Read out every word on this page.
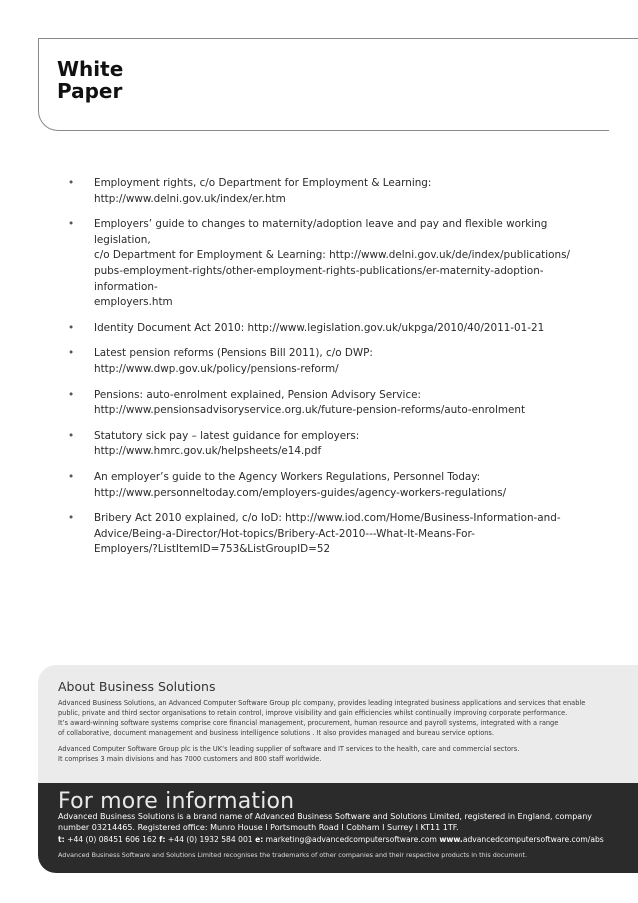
White
Paper
• Employment rights, c/o Department for Employment & Learning:
http://www.delni.gov.uk/index/er.htm
• Employers’ guide to changes to maternity/adoption leave and pay and flexible working legislation,
c/o Department for Employment & Learning: http://www.delni.gov.uk/de/index/publications/
pubs-employment-rights/other-employment-rights-publications/er-maternity-adoption-information-
employers.htm
• Identity Document Act 2010: http://www.legislation.gov.uk/ukpga/2010/40/2011-01-21
• Latest pension reforms (Pensions Bill 2011), c/o DWP:
http://www.dwp.gov.uk/policy/pensions-reform/
• Pensions: auto-enrolment explained, Pension Advisory Service:
http://www.pensionsadvisoryservice.org.uk/future-pension-reforms/auto-enrolment
• Statutory sick pay – latest guidance for employers: http://www.hmrc.gov.uk/helpsheets/e14.pdf
• An employer’s guide to the Agency Workers Regulations, Personnel Today:
http://www.personneltoday.com/employers-guides/agency-workers-regulations/
• Bribery Act 2010 explained, c/o IoD: http://www.iod.com/Home/Business-Information-and-
Advice/Being-a-Director/Hot-topics/Bribery-Act-2010---What-It-Means-For-
Employers/?ListItemID=753&ListGroupID=52
About Business Solutions

Advanced Business Solutions, an Advanced Computer Software Group plc company, provides leading integrated business applications and services that enable
public, private and third sector organisations to retain control, improve visibility and gain efficiencies whilst continually improving corporate performance.
It’s award-winning software systems comprise core financial management, procurement, human resource and payroll systems, integrated with a range
of collaborative, document management and business intelligence solutions . It also provides managed and bureau service options.

Advanced Computer Software Group plc is the UK’s leading supplier of software and IT services to the health, care and commercial sectors.
It comprises 3 main divisions and has 7000 customers and 800 staff worldwide.

For more information
Advanced Business Solutions is a brand name of Advanced Business Software and Solutions Limited, registered in England, company
number 03214465. Registered office: Munro House I Portsmouth Road I Cobham I Surrey I KT11 1TF.
t: +44 (0) 08451 606 162 f: +44 (0) 1932 584 001 e: marketing@advancedcomputersoftware.com www.advancedcomputersoftware.com/abs
Advanced Business Software and Solutions Limited recognises the trademarks of other companies and their respective products in this document.
